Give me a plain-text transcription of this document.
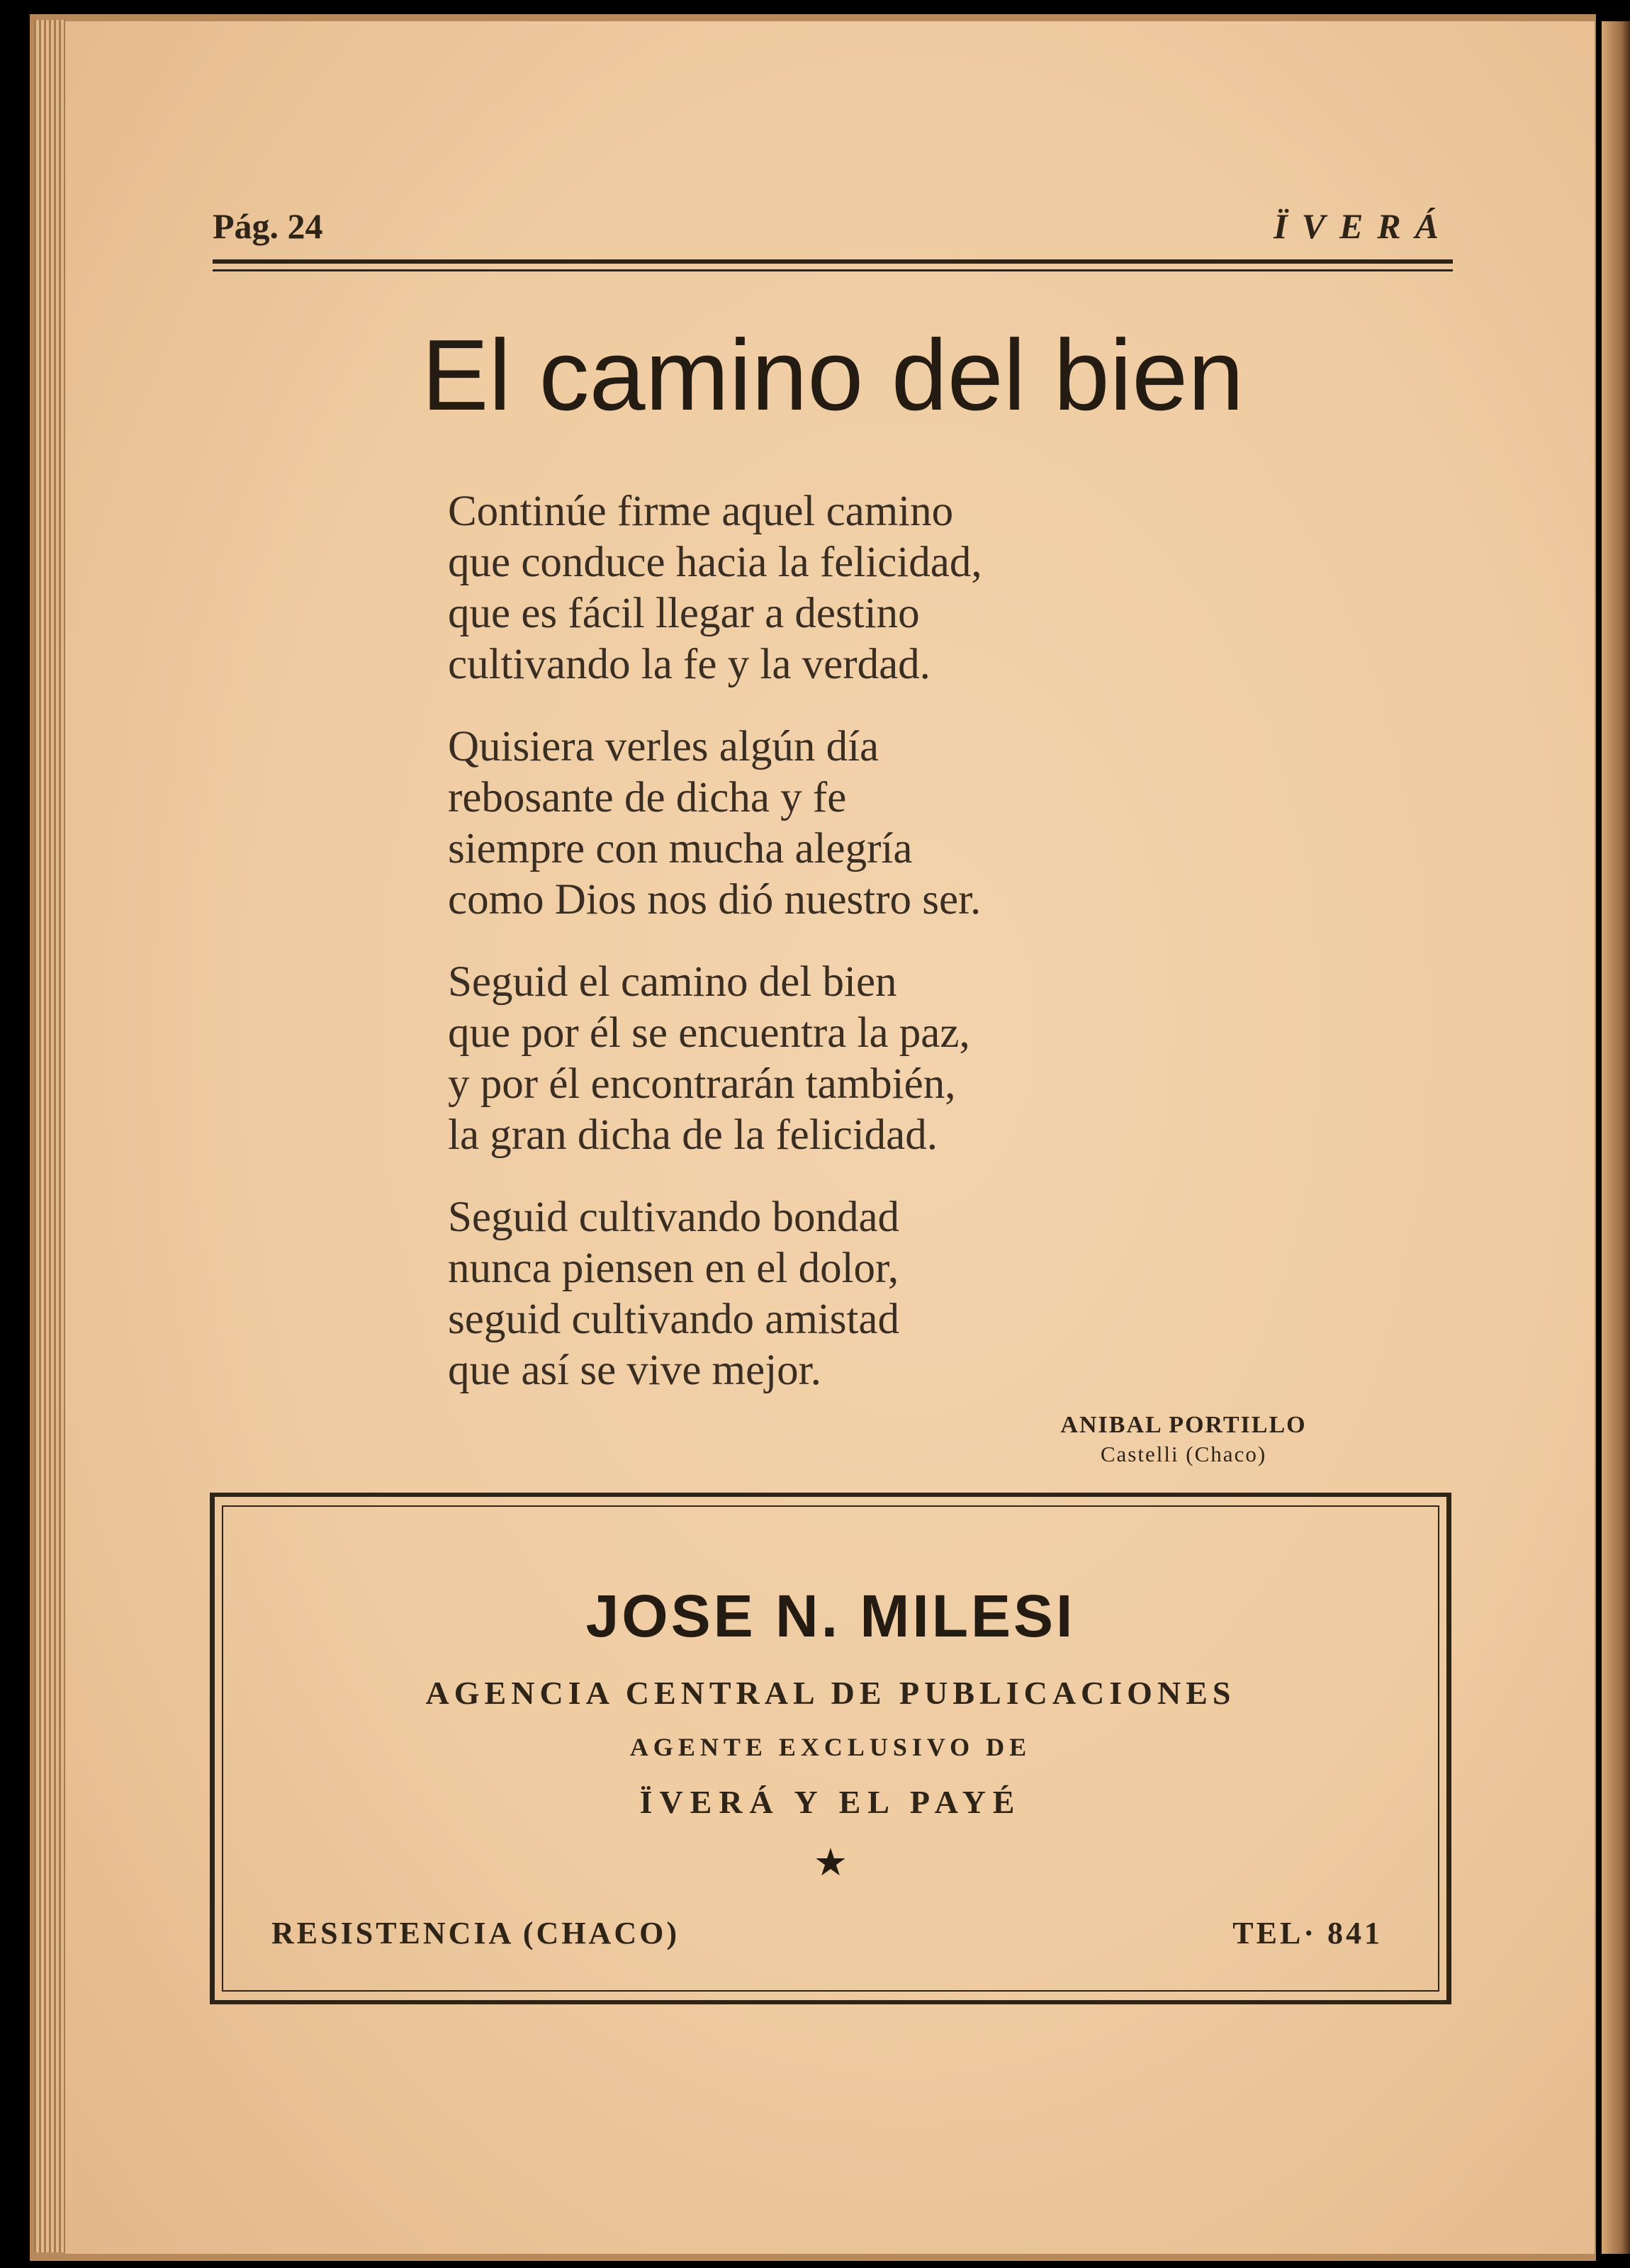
Pág. 24	ÏVERÁ
El camino del bien
Continúe firme aquel camino
que conduce hacia la felicidad,
que es fácil llegar a destino
cultivando la fe y la verdad.
Quisiera verles algún día
rebosante de dicha y fe
siempre con mucha alegría
como Dios nos dió nuestro ser.
Seguid el camino del bien
que por él se encuentra la paz,
y por él encontrarán también,
la gran dicha de la felicidad.
Seguid cultivando bondad
nunca piensen en el dolor,
seguid cultivando amistad
que así se vive mejor.
ANIBAL PORTILLO
Castelli (Chaco)
JOSE N. MILESI
AGENCIA CENTRAL DE PUBLICACIONES
AGENTE EXCLUSIVO DE
ÏVERÁ Y EL PAYÉ
★
RESISTENCIA (CHACO)	TEL· 841
